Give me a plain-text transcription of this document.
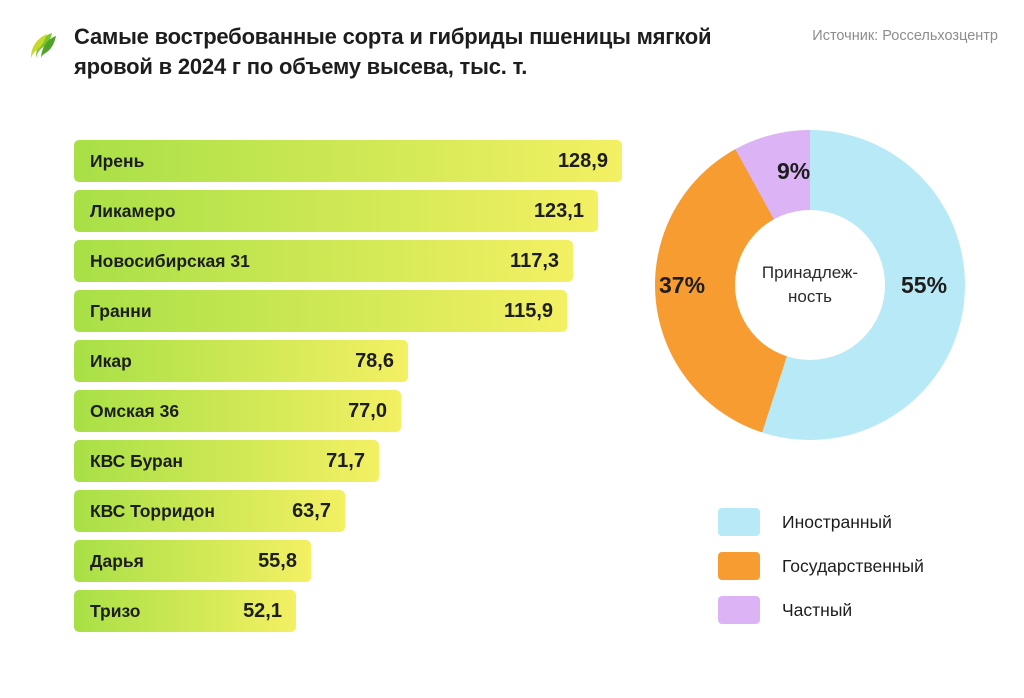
Самые востребованные сорта и гибриды пшеницы мягкой яровой в 2024 г по объему высева, тыс. т.
Источник: Россельхозцентр
Ирень	128,9
Ликамеро	123,1
Новосибирская 31	117,3
Гранни	115,9
Икар	78,6
Омская 36	77,0
КВС Буран	71,7
КВС Торридон	63,7
Дарья	55,8
Тризо	52,1
Принадлеж-
ность	55%
37%
9%
Иностранный
Государственный
Частный
